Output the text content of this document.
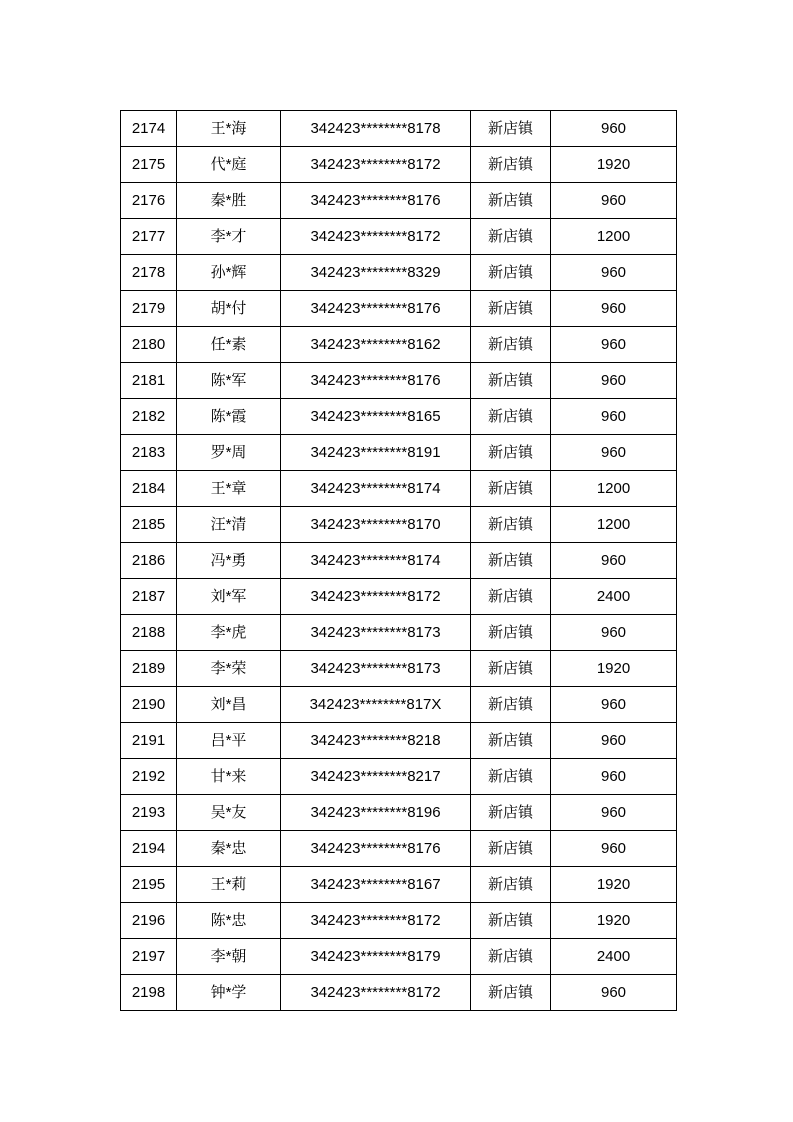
2174	王*海	342423********8178	新店镇	960
2175	代*庭	342423********8172	新店镇	1920
2176	秦*胜	342423********8176	新店镇	960
2177	李*才	342423********8172	新店镇	1200
2178	孙*辉	342423********8329	新店镇	960
2179	胡*付	342423********8176	新店镇	960
2180	任*素	342423********8162	新店镇	960
2181	陈*军	342423********8176	新店镇	960
2182	陈*霞	342423********8165	新店镇	960
2183	罗*周	342423********8191	新店镇	960
2184	王*章	342423********8174	新店镇	1200
2185	汪*清	342423********8170	新店镇	1200
2186	冯*勇	342423********8174	新店镇	960
2187	刘*军	342423********8172	新店镇	2400
2188	李*虎	342423********8173	新店镇	960
2189	李*荣	342423********8173	新店镇	1920
2190	刘*昌	342423********817X	新店镇	960
2191	吕*平	342423********8218	新店镇	960
2192	甘*来	342423********8217	新店镇	960
2193	吴*友	342423********8196	新店镇	960
2194	秦*忠	342423********8176	新店镇	960
2195	王*莉	342423********8167	新店镇	1920
2196	陈*忠	342423********8172	新店镇	1920
2197	李*朝	342423********8179	新店镇	2400
2198	钟*学	342423********8172	新店镇	960
